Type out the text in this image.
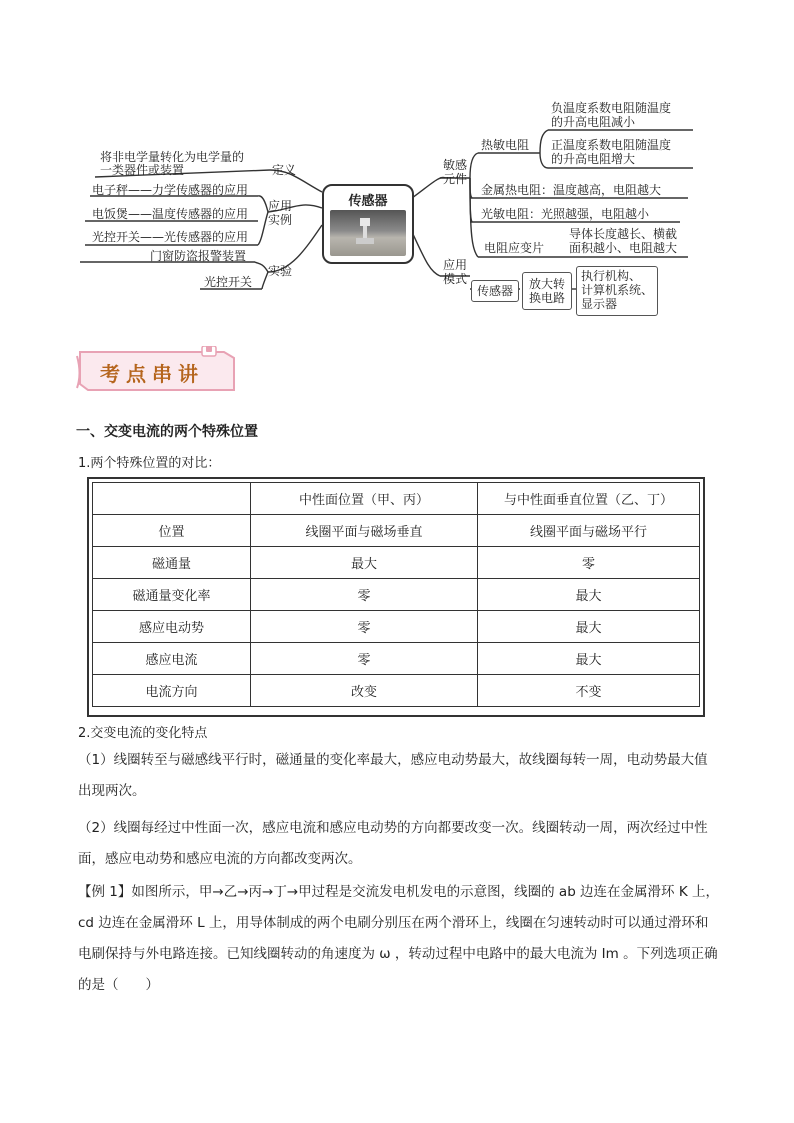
将非电学量转化为电学量的
一类器件或装置	定义
电子秤——力学传感器的应用
电饭煲——温度传感器的应用
光控开关——光传感器的应用
应用
实例
门窗防盗报警装置
光控开关
实验
传感器
敏感
元件
热敏电阻
负温度系数电阻随温度
的升高电阻减小
正温度系数电阻随温度
的升高电阻增大
金属热电阻：温度越高，电阻越大
光敏电阻：光照越强，电阻越小
电阻应变片
导体长度越长、横截
面积越小、电阻越大
应用
模式
传感器	放大转
换电路
执行机构、
计算机系统、
显示器
考点串讲
一、交变电流的两个特殊位置
1.两个特殊位置的对比：
	中性面位置（甲、丙）	与中性面垂直位置（乙、丁）
位置	线圈平面与磁场垂直	线圈平面与磁场平行
磁通量	最大	零
磁通量变化率	零	最大
感应电动势	零	最大
感应电流	零	最大
电流方向	改变	不变
2.交变电流的变化特点
（1）线圈转至与磁感线平行时，磁通量的变化率最大，感应电动势最大，故线圈每转一周，电动势最大值
出现两次。
（2）线圈每经过中性面一次，感应电流和感应电动势的方向都要改变一次。线圈转动一周，两次经过中性
面，感应电动势和感应电流的方向都改变两次。
【例 1】如图所示，甲→乙→丙→丁→甲过程是交流发电机发电的示意图，线圈的 ab 边连在金属滑环 K 上，
cd 边连在金属滑环 L 上，用导体制成的两个电刷分别压在两个滑环上，线圈在匀速转动时可以通过滑环和
电刷保持与外电路连接。已知线圈转动的角速度为 ω ，转动过程中电路中的最大电流为 Im 。下列选项正确
的是（　　）
